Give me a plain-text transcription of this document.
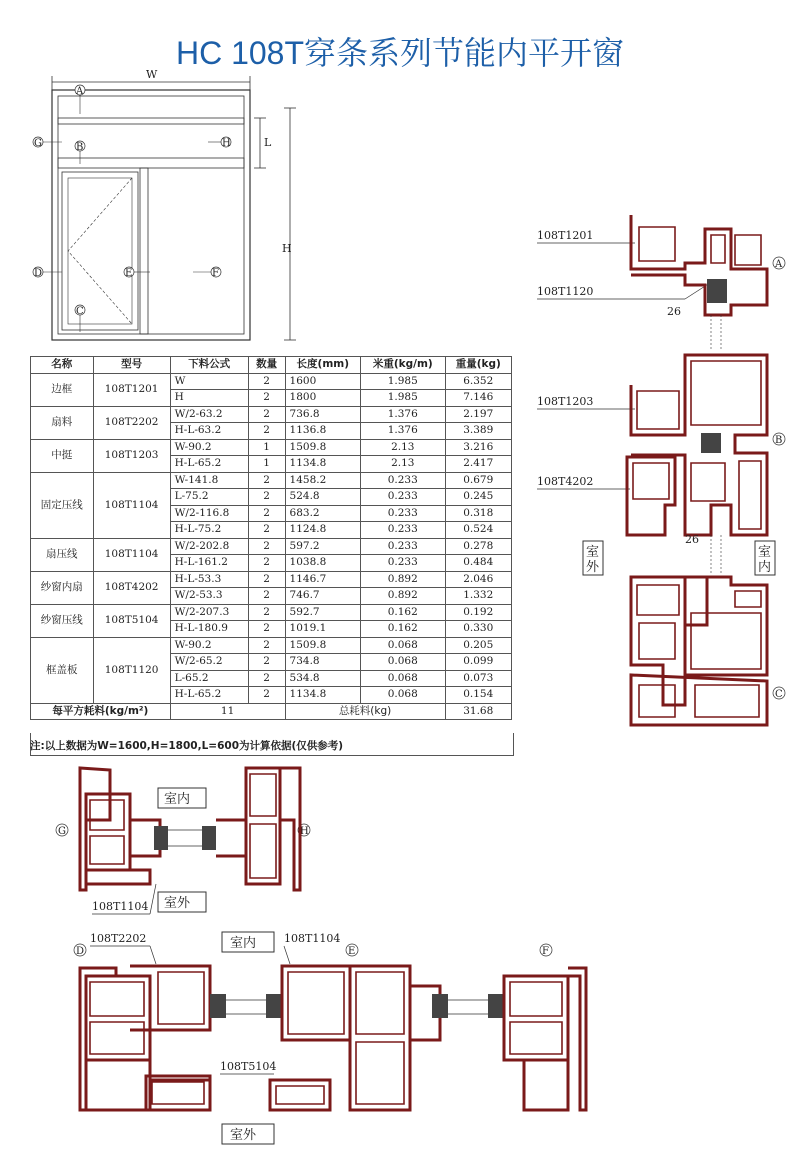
HC 108T穿条系列节能内平开窗
W
L
H
A
B
C
D	E	F
G	H
名称	型号	下料公式	数量	长度(mm)	米重(kg/m)	重量(kg)
边框	108T1201	W	2	1600	1.985	6.352
		H	2	1800	1.985	7.146
扇料	108T2202	W/2-63.2	2	736.8	1.376	2.197
		H-L-63.2	2	1136.8	1.376	3.389
中挺	108T1203	W-90.2	1	1509.8	2.13	3.216
		H-L-65.2	1	1134.8	2.13	2.417
固定压线	108T1104	W-141.8	2	1458.2	0.233	0.679
		L-75.2	2	524.8	0.233	0.245
		W/2-116.8	2	683.2	0.233	0.318
		H-L-75.2	2	1124.8	0.233	0.524
扇压线	108T1104	W/2-202.8	2	597.2	0.233	0.278
		H-L-161.2	2	1038.8	0.233	0.484
纱窗内扇	108T4202	H-L-53.3	2	1146.7	0.892	2.046
		W/2-53.3	2	746.7	0.892	1.332
纱窗压线	108T5104	W/2-207.3	2	592.7	0.162	0.192
		H-L-180.9	2	1019.1	0.162	0.330
框盖板	108T1120	W-90.2	2	1509.8	0.068	0.205
		W/2-65.2	2	734.8	0.068	0.099
		L-65.2	2	534.8	0.068	0.073
		H-L-65.2	2	1134.8	0.068	0.154
每平方耗料(kg/m²)		11		总耗料(kg)		31.68
注:以上数据为W=1600,H=1800,L=600为计算依据(仅供参考)
108T1201
108T1120
108T1203
108T4202
26
B
A
26
室外
室内
C
G	H
室内
室外
108T1104
108T2202	108T1104
D	E	F
108T5104
室内
室外
